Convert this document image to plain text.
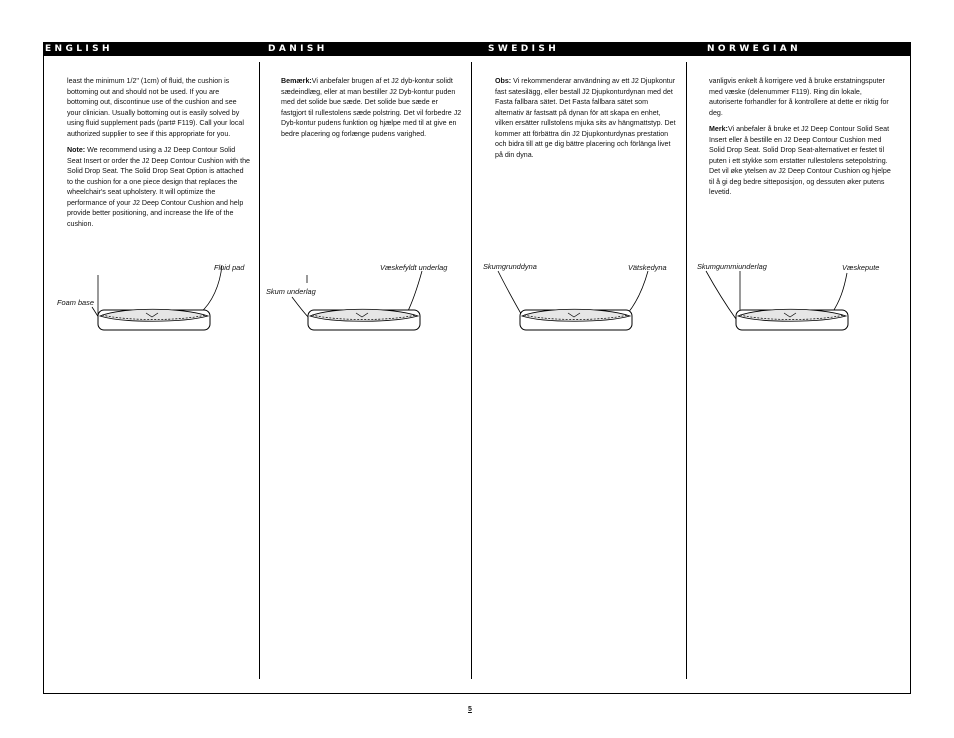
ENGLISH	DANISH	SWEDISH	NORWEGIAN

least the minimum 1/2" (1cm) of fluid, the cushion is bottoming out and should not be used. If you are bottoming out, discontinue use of the cushion and see your clinician. Usually bottoming out is easily solved by using fluid supplement pads (part# F119). Call your local authorized supplier to see if this appropriate for you.

Note: We recommend using a J2 Deep Contour Solid Seat Insert or order the J2 Deep Contour Cushion with the Solid Drop Seat. The Solid Drop Seat Option is attached to the cushion for a one piece design that replaces the wheelchair's seat upholstery. It will optimize the performance of your J2 Deep Contour Cushion and help provide better positioning, and increase the life of the cushion.

Bemærk:Vi anbefaler brugen af et J2 dyb-kontur solidt sædeindlæg, eller at man bestiller J2 Dyb-kontur puden med det solide bue sæde. Det solide bue sæde er fastgjort til rullestolens sæde polstring. Det vil forbedre J2 Dyb-kontur pudens funktion og hjælpe med til at give en bedre placering og forlænge pudens varighed.

Obs: Vi rekommenderar användning av ett J2 Djupkontur fast satesilägg, eller bestall J2 Djupkonturdynan med det Fasta fallbara sätet. Det Fasta fallbara sätet som alternativ är fastsatt på dynan för att skapa en enhet, vilken ersätter rullstolens mjuka sits av hängmattstyp. Det kommer att förbättra din J2 Djupkonturdynas prestation och bidra till att ge dig bättre placering och förlänga livet på din dyna.

vanligvis enkelt å korrigere ved å bruke erstatningsputer med væske (delenummer F119). Ring din lokale, autoriserte forhandler for å kontrollere at dette er riktig for deg.

Merk:Vi anbefaler å bruke et J2 Deep Contour Solid Seat Insert eller å bestille en J2 Deep Contour Cushion med Solid Drop Seat. Solid Drop Seat-alternativet er festet til puten i ett stykke som erstatter rullestolens setepolstring. Det vil øke ytelsen av J2 Deep Contour Cushion og hjelpe til å gi deg bedre sitteposisjon, og dessuten øker putens levetid.

Fluid pad
Foam base
Væskefyldt underlag
Skum underlag
Skumgrunddyna	Vätskedyna	Skumgummiunderlag	Væskepute
5
